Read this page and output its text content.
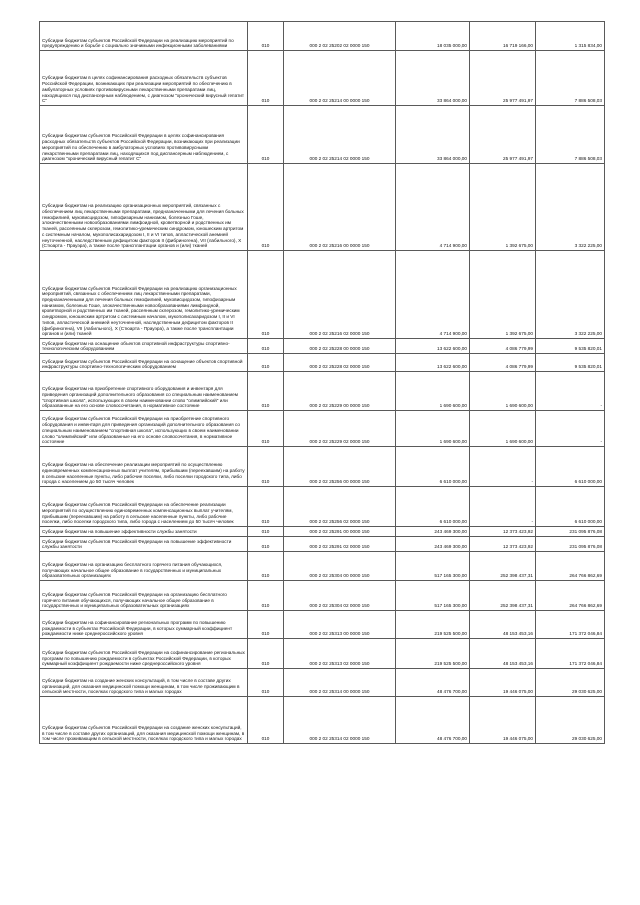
Субсидии бюджетам субъектов Российской Федерации на реализацию мероприятий по предупреждению и борьбе с социально значимыми инфекционными заболеваниями	010	000 2 02 25202 02 0000 150	18 035 000,00	16 719 166,00	1 315 834,00
Субсидии бюджетам в целях софинансирования расходных обязательств субъектов Российской Федерации, возникающих при реализации мероприятий по обеспечению в амбулаторных условиях противовирусными лекарственными препаратами лиц, находящихся под диспансерным наблюдением, с диагнозом "хронический вирусный гепатит С"	010	000 2 02 25214 00 0000 150	33 864 000,00	25 977 491,97	7 886 508,03
Субсидии бюджетам субъектов Российской Федерации в целях софинансирования расходных обязательств субъектов Российской Федерации, возникающих при реализации мероприятий по обеспечению в амбулаторных условиях противовирусными лекарственными препаратами лиц, находящихся под диспансерным наблюдением, с диагнозом "хронический вирусный гепатит С"	010	000 2 02 25214 02 0000 150	33 864 000,00	25 977 491,97	7 886 508,03
Субсидии бюджетам на реализацию организационных мероприятий, связанных с обеспечением лиц лекарственными препаратами, предназначенными для лечения больных гемофилией, муковисцидозом, гипофизарным нанизмом, болезнью Гоше, злокачественными новообразованиями лимфоидной, кроветворной и родственных им тканей, рассеянным склерозом, гемолитико-уремическим синдромом, юношеским артритом с системным началом, мукополисахаридозом I, II и VI типов, апластической анемией неуточненной, наследственным дефицитом факторов II (фибриногена), VII (лабильного), X (Стюарта - Прауэра), а также после трансплантации органов и (или) тканей	010	000 2 02 25216 00 0000 150	4 714 900,00	1 392 675,00	3 322 225,00
Субсидии бюджетам субъектов Российской Федерации на реализацию организационных мероприятий, связанных с обеспечением лиц лекарственными препаратами, предназначенными для лечения больных гемофилией, муковисцидозом, гипофизарным нанизмом, болезнью Гоше, злокачественными новообразованиями лимфоидной, кроветворной и родственных им тканей, рассеянным склерозом, гемолитико-уремическим синдромом, юношеским артритом с системным началом, мукополисахаридозом I, II и VI типов, апластической анемией неуточненной, наследственным дефицитом факторов II (фибриногена), VII (лабильного), X (Стюарта - Прауэра), а также после трансплантации органов и (или) тканей	010	000 2 02 25216 02 0000 150	4 714 900,00	1 392 675,00	3 322 225,00
Субсидии бюджетам на оснащение объектов спортивной инфраструктуры спортивно-технологическим оборудованием	010	000 2 02 25228 00 0000 150	13 622 600,00	4 086 779,99	9 535 820,01
Субсидии бюджетам субъектов Российской Федерации на оснащение объектов спортивной инфраструктуры спортивно-технологическим оборудованием	010	000 2 02 25228 02 0000 150	13 622 600,00	4 086 779,99	9 535 820,01
Субсидии бюджетам на приобретение спортивного оборудования и инвентаря для приведения организаций дополнительного образования со специальным наименованием "спортивная школа", использующих в своем наименовании слово "олимпийский" или образованные на его основе словосочетания, в нормативное состояние	010	000 2 02 25229 00 0000 150	1 690 600,00	1 690 600,00	-
Субсидии бюджетам субъектов Российской Федерации на приобретение спортивного оборудования и инвентаря для приведения организаций дополнительного образования со специальным наименованием "спортивная школа", использующих в своем наименовании слово "олимпийский" или образованные на его основе словосочетания, в нормативное состояние	010	000 2 02 25229 02 0000 150	1 690 600,00	1 690 600,00	-
Субсидии бюджетам на обеспечение реализации мероприятий по осуществлению единовременных компенсационных выплат учителям, прибывшим (переехавшим) на работу в сельские населенные пункты, либо рабочие поселки, либо поселки городского типа, либо города с населением до 50 тысяч человек	010	000 2 02 25256 00 0000 150	6 610 000,00	-	6 610 000,00
Субсидии бюджетам субъектов Российской Федерации на обеспечение реализации мероприятий по осуществлению единовременных компенсационных выплат учителям, прибывшим (переехавшим) на работу в сельские населенные пункты, либо рабочие поселки, либо поселки городского типа, либо города с населением до 50 тысяч человек	010	000 2 02 25256 02 0000 150	6 610 000,00	-	6 610 000,00
Субсидии бюджетам на повышение эффективности службы занятости	010	000 2 02 25291 00 0000 150	243 469 300,00	12 373 423,92	231 095 876,08
Субсидии бюджетам субъектов Российской Федерации на повышение эффективности службы занятости	010	000 2 02 25291 02 0000 150	243 469 300,00	12 373 423,92	231 095 876,08
Субсидии бюджетам на организацию бесплатного горячего питания обучающихся, получающих начальное общее образование в государственных и муниципальных образовательных организациях	010	000 2 02 25304 00 0000 150	517 165 300,00	252 398 437,31	264 766 862,69
Субсидии бюджетам субъектов Российской Федерации на организацию бесплатного горячего питания обучающихся, получающих начальное общее образование в государственных и муниципальных образовательных организациях	010	000 2 02 25304 02 0000 150	517 165 300,00	252 398 437,31	264 766 862,69
Субсидии бюджетам на софинансирование региональных программ по повышению рождаемости в субъектах Российской Федерации, в которых суммарный коэффициент рождаемости ниже среднероссийского уровня	010	000 2 02 25313 00 0000 150	219 525 500,00	48 153 453,16	171 372 046,84
Субсидии бюджетам субъектов Российской Федерации на софинансирование региональных программ по повышению рождаемости в субъектах Российской Федерации, в которых суммарный коэффициент рождаемости ниже среднероссийского уровня	010	000 2 02 25313 02 0000 150	219 525 500,00	48 153 453,16	171 372 046,84
Субсидии бюджетам на создание женских консультаций, в том числе в составе других организаций, для оказания медицинской помощи женщинам, в том числе проживающим в сельской местности, поселках городского типа и малых городах	010	000 2 02 25314 00 0000 150	48 476 700,00	19 446 075,00	29 030 625,00
Субсидии бюджетам субъектов Российской Федерации на создание женских консультаций, в том числе в составе других организаций, для оказания медицинской помощи женщинам, в том числе проживающим в сельской местности, поселках городского типа и малых городах	010	000 2 02 25314 02 0000 150	48 476 700,00	19 446 075,00	29 030 625,00
